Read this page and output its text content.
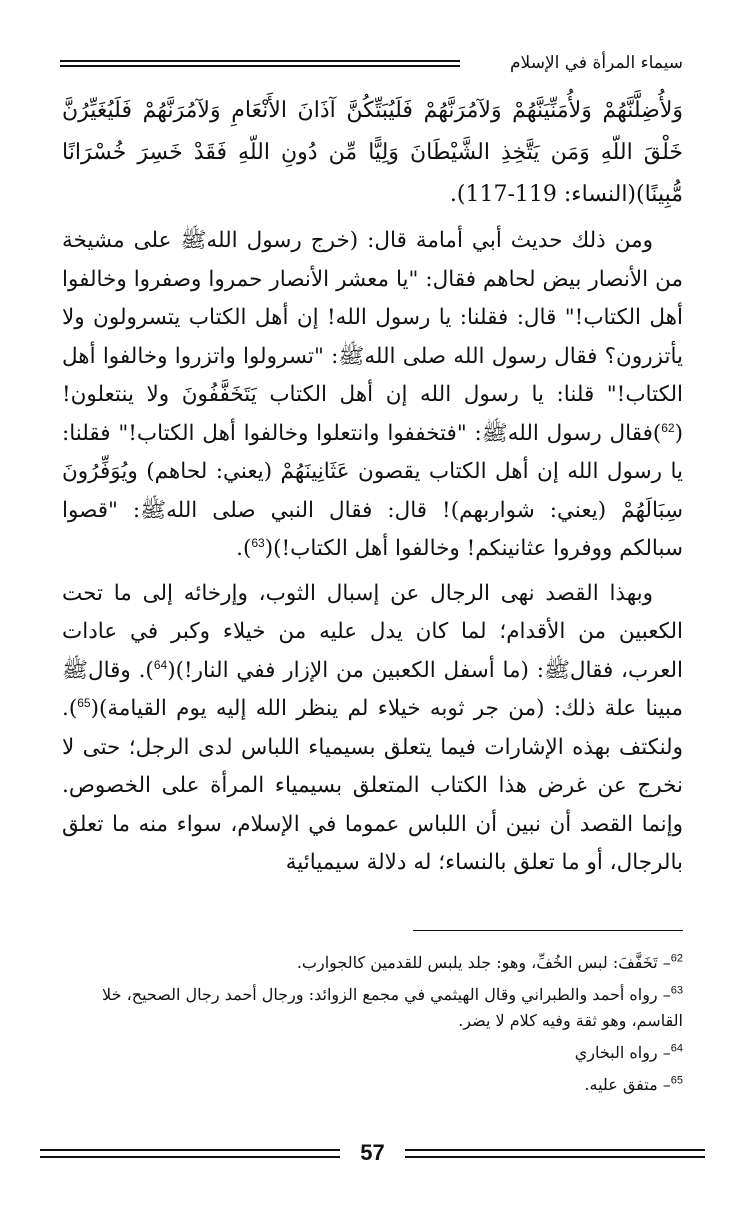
سيماء المرأة في الإسلام

وَلأُضِلَّنَّهُمْ وَلأُمَنِّيَنَّهُمْ وَلآمُرَنَّهُمْ فَلَيُبَتِّكُنَّ آذَانَ الأَنْعَامِ وَلآمُرَنَّهُمْ فَلَيُغَيِّرُنَّ خَلْقَ اللّهِ وَمَن يَتَّخِذِ الشَّيْطَانَ وَلِيًّا مِّن دُونِ اللّهِ فَقَدْ خَسِرَ خُسْرَانًا مُّبِينًا)(النساء: 119-117).

ومن ذلك حديث أبي أمامة قال: (خرج رسول اللهﷺ على مشيخة من الأنصار بيض لحاهم فقال: "يا معشر الأنصار حمروا وصفروا وخالفوا أهل الكتاب!" قال: فقلنا: يا رسول الله! إن أهل الكتاب يتسرولون ولا يأتزرون؟ فقال رسول الله صلى اللهﷺ: "تسرولوا واتزروا وخالفوا أهل الكتاب!" قلنا: يا رسول الله إن أهل الكتاب يَتَخَفَّفُونَ ولا ينتعلون!($^{62}$)فقال رسول اللهﷺ: "فتخففوا وانتعلوا وخالفوا أهل الكتاب!" فقلنا: يا رسول الله إن أهل الكتاب يقصون عَثَانِينَهُمْ (يعني: لحاهم) ويُوَفِّرُونَ سِبَالَهُمْ (يعني: شواربهم)! قال: فقال النبي صلى اللهﷺ: "قصوا سبالكم ووفروا عثانينكم! وخالفوا أهل الكتاب!)($^{63}$).

وبهذا القصد نهى الرجال عن إسبال الثوب، وإرخائه إلى ما تحت الكعبين من الأقدام؛ لما كان يدل عليه من خيلاء وكبر في عادات العرب، فقالﷺ: (ما أسفل الكعبين من الإزار ففي النار!)($^{64}$). وقالﷺ مبينا علة ذلك: (من جر ثوبه خيلاء لم ينظر الله إليه يوم القيامة)($^{65}$). ولنكتف بهذه الإشارات فيما يتعلق بسيمياء اللباس لدى الرجل؛ حتى لا نخرج عن غرض هذا الكتاب المتعلق بسيمياء المرأة على الخصوص. وإنما القصد أن نبين أن اللباس عموما في الإسلام، سواء منه ما تعلق بالرجال، أو ما تعلق بالنساء؛ له دلالة سيميائية

$^{62}$– تَخَفَّفَ: لبس الخُفِّ، وهو: جلد يلبس للقدمين كالجوارب.

$^{63}$– رواه أحمد والطبراني وقال الهيثمي في مجمع الزوائد: ورجال أحمد رجال الصحيح، خلا القاسم، وهو ثقة وفيه كلام لا يضر.

$^{64}$– رواه البخاري

$^{65}$– متفق عليه.

57
